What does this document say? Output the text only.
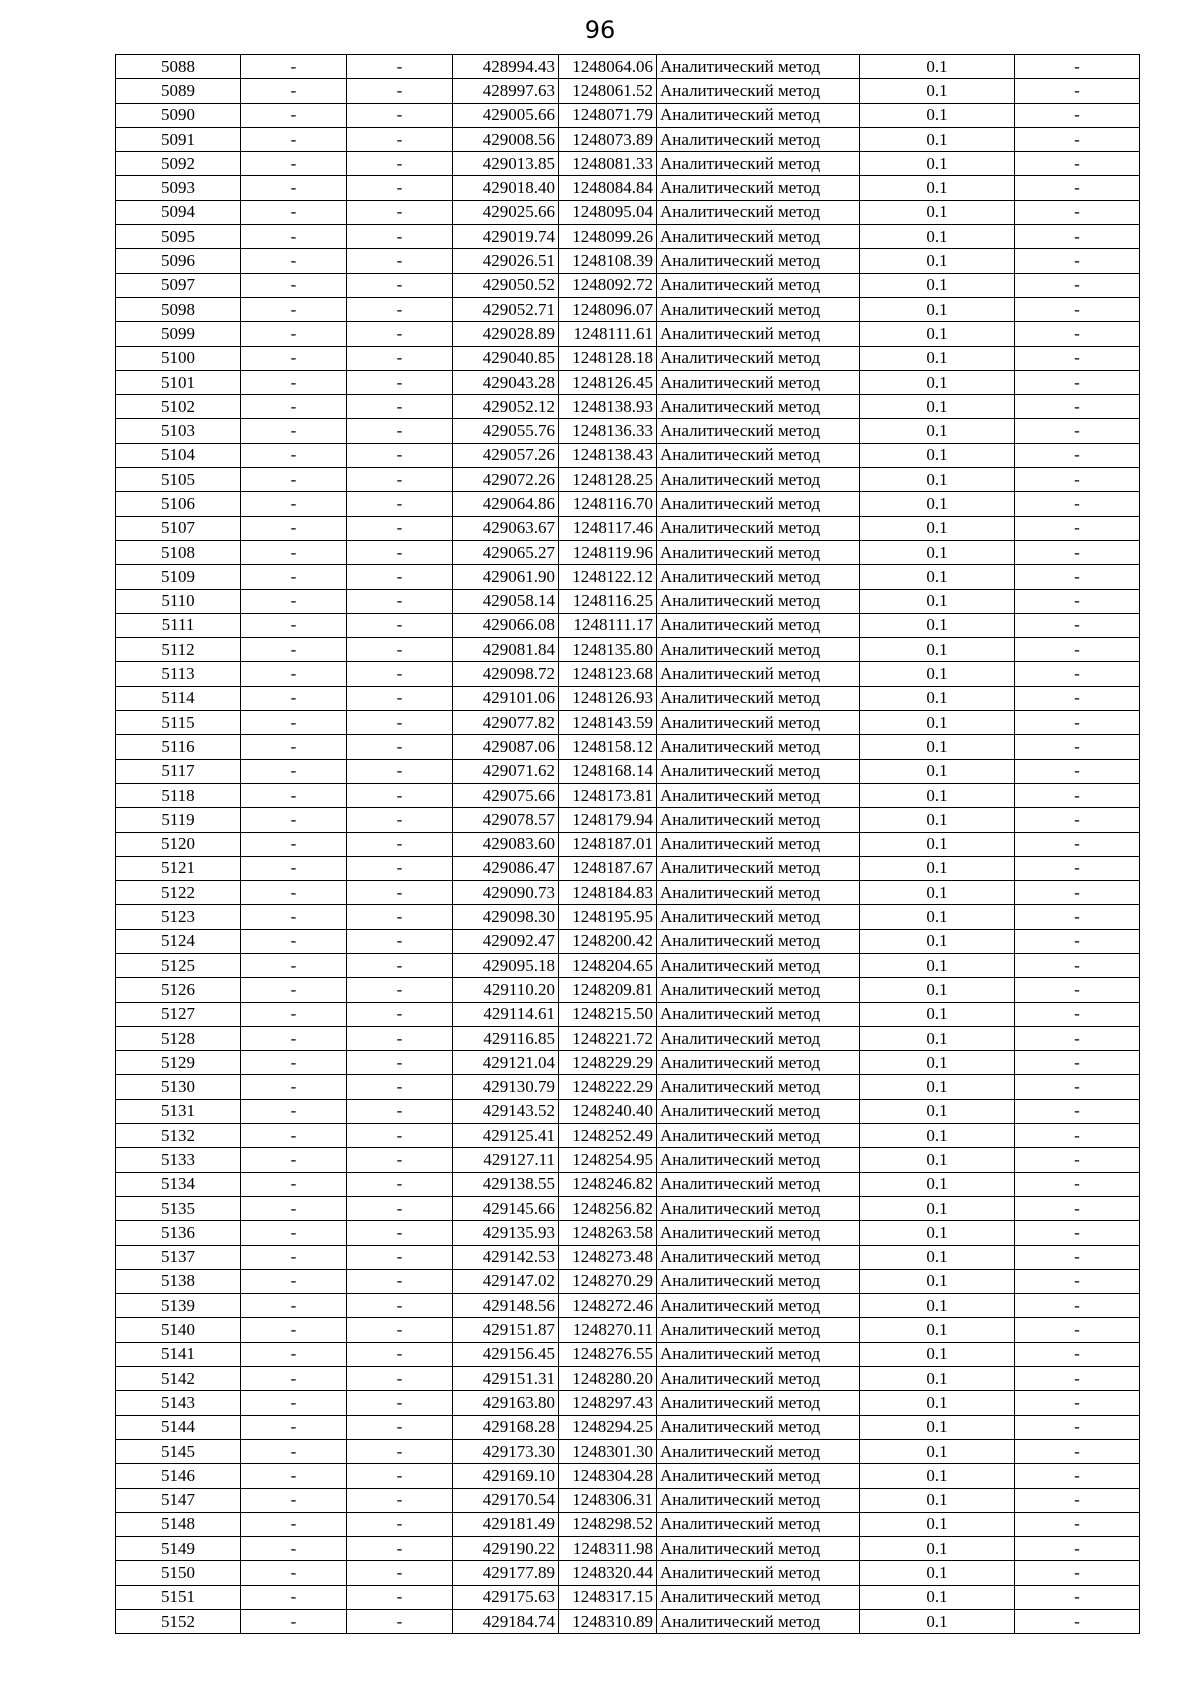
96
5088	-	-	428994.43	1248064.06	Аналитический метод	0.1	-
5089	-	-	428997.63	1248061.52	Аналитический метод	0.1	-
5090	-	-	429005.66	1248071.79	Аналитический метод	0.1	-
5091	-	-	429008.56	1248073.89	Аналитический метод	0.1	-
5092	-	-	429013.85	1248081.33	Аналитический метод	0.1	-
5093	-	-	429018.40	1248084.84	Аналитический метод	0.1	-
5094	-	-	429025.66	1248095.04	Аналитический метод	0.1	-
5095	-	-	429019.74	1248099.26	Аналитический метод	0.1	-
5096	-	-	429026.51	1248108.39	Аналитический метод	0.1	-
5097	-	-	429050.52	1248092.72	Аналитический метод	0.1	-
5098	-	-	429052.71	1248096.07	Аналитический метод	0.1	-
5099	-	-	429028.89	1248111.61	Аналитический метод	0.1	-
5100	-	-	429040.85	1248128.18	Аналитический метод	0.1	-
5101	-	-	429043.28	1248126.45	Аналитический метод	0.1	-
5102	-	-	429052.12	1248138.93	Аналитический метод	0.1	-
5103	-	-	429055.76	1248136.33	Аналитический метод	0.1	-
5104	-	-	429057.26	1248138.43	Аналитический метод	0.1	-
5105	-	-	429072.26	1248128.25	Аналитический метод	0.1	-
5106	-	-	429064.86	1248116.70	Аналитический метод	0.1	-
5107	-	-	429063.67	1248117.46	Аналитический метод	0.1	-
5108	-	-	429065.27	1248119.96	Аналитический метод	0.1	-
5109	-	-	429061.90	1248122.12	Аналитический метод	0.1	-
5110	-	-	429058.14	1248116.25	Аналитический метод	0.1	-
5111	-	-	429066.08	1248111.17	Аналитический метод	0.1	-
5112	-	-	429081.84	1248135.80	Аналитический метод	0.1	-
5113	-	-	429098.72	1248123.68	Аналитический метод	0.1	-
5114	-	-	429101.06	1248126.93	Аналитический метод	0.1	-
5115	-	-	429077.82	1248143.59	Аналитический метод	0.1	-
5116	-	-	429087.06	1248158.12	Аналитический метод	0.1	-
5117	-	-	429071.62	1248168.14	Аналитический метод	0.1	-
5118	-	-	429075.66	1248173.81	Аналитический метод	0.1	-
5119	-	-	429078.57	1248179.94	Аналитический метод	0.1	-
5120	-	-	429083.60	1248187.01	Аналитический метод	0.1	-
5121	-	-	429086.47	1248187.67	Аналитический метод	0.1	-
5122	-	-	429090.73	1248184.83	Аналитический метод	0.1	-
5123	-	-	429098.30	1248195.95	Аналитический метод	0.1	-
5124	-	-	429092.47	1248200.42	Аналитический метод	0.1	-
5125	-	-	429095.18	1248204.65	Аналитический метод	0.1	-
5126	-	-	429110.20	1248209.81	Аналитический метод	0.1	-
5127	-	-	429114.61	1248215.50	Аналитический метод	0.1	-
5128	-	-	429116.85	1248221.72	Аналитический метод	0.1	-
5129	-	-	429121.04	1248229.29	Аналитический метод	0.1	-
5130	-	-	429130.79	1248222.29	Аналитический метод	0.1	-
5131	-	-	429143.52	1248240.40	Аналитический метод	0.1	-
5132	-	-	429125.41	1248252.49	Аналитический метод	0.1	-
5133	-	-	429127.11	1248254.95	Аналитический метод	0.1	-
5134	-	-	429138.55	1248246.82	Аналитический метод	0.1	-
5135	-	-	429145.66	1248256.82	Аналитический метод	0.1	-
5136	-	-	429135.93	1248263.58	Аналитический метод	0.1	-
5137	-	-	429142.53	1248273.48	Аналитический метод	0.1	-
5138	-	-	429147.02	1248270.29	Аналитический метод	0.1	-
5139	-	-	429148.56	1248272.46	Аналитический метод	0.1	-
5140	-	-	429151.87	1248270.11	Аналитический метод	0.1	-
5141	-	-	429156.45	1248276.55	Аналитический метод	0.1	-
5142	-	-	429151.31	1248280.20	Аналитический метод	0.1	-
5143	-	-	429163.80	1248297.43	Аналитический метод	0.1	-
5144	-	-	429168.28	1248294.25	Аналитический метод	0.1	-
5145	-	-	429173.30	1248301.30	Аналитический метод	0.1	-
5146	-	-	429169.10	1248304.28	Аналитический метод	0.1	-
5147	-	-	429170.54	1248306.31	Аналитический метод	0.1	-
5148	-	-	429181.49	1248298.52	Аналитический метод	0.1	-
5149	-	-	429190.22	1248311.98	Аналитический метод	0.1	-
5150	-	-	429177.89	1248320.44	Аналитический метод	0.1	-
5151	-	-	429175.63	1248317.15	Аналитический метод	0.1	-
5152	-	-	429184.74	1248310.89	Аналитический метод	0.1	-
